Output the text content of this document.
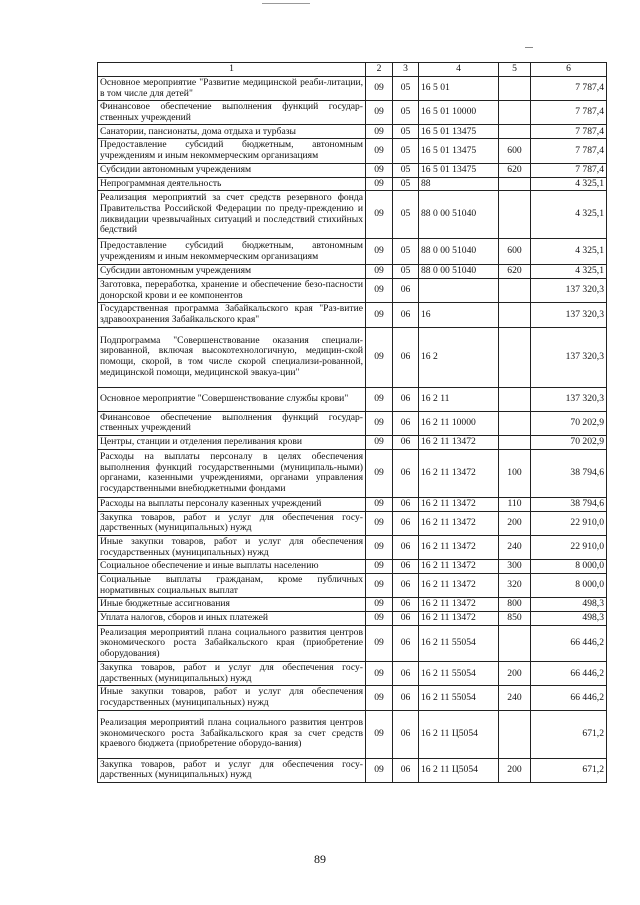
1	2	3	4	5	6
Основное мероприятие "Развитие медицинской реаби-литации, в том числе для детей"	09	05	16 5 01		7 787,4
Финансовое обеспечение выполнения функций государ-ственных учреждений	09	05	16 5 01 10000		7 787,4
Санатории, пансионаты, дома отдыха и турбазы	09	05	16 5 01 13475		7 787,4
Предоставление субсидий бюджетным, автономным учреждениям и иным некоммерческим организациям	09	05	16 5 01 13475	600	7 787,4
Субсидии автономным учреждениям	09	05	16 5 01 13475	620	7 787,4
Непрограммная деятельность	09	05	88		4 325,1
Реализация мероприятий за счет средств резервного фонда Правительства Российской Федерации по преду-преждению и ликвидации чрезвычайных ситуаций и последствий стихийных бедствий	09	05	88 0 00 51040		4 325,1
Предоставление субсидий бюджетным, автономным учреждениям и иным некоммерческим организациям	09	05	88 0 00 51040	600	4 325,1
Субсидии автономным учреждениям	09	05	88 0 00 51040	620	4 325,1
Заготовка, переработка, хранение и обеспечение безо-пасности донорской крови и ее компонентов	09	06			137 320,3
Государственная программа Забайкальского края "Раз-витие здравоохранения Забайкальского края"	09	06	16		137 320,3
Подпрограмма "Совершенствование оказания специали-зированной, включая высокотехнологичную, медицин-ской помощи, скорой, в том числе скорой специализи-рованной, медицинской помощи, медицинской эвакуа-ции"	09	06	16 2		137 320,3
Основное мероприятие "Совершенствование службы крови"	09	06	16 2 11		137 320,3
Финансовое обеспечение выполнения функций государ-ственных учреждений	09	06	16 2 11 10000		70 202,9
Центры, станции и отделения переливания крови	09	06	16 2 11 13472		70 202,9
Расходы на выплаты персоналу в целях обеспечения выполнения функций государственными (муниципаль-ными) органами, казенными учреждениями, органами управления государственными внебюджетными фондами	09	06	16 2 11 13472	100	38 794,6
Расходы на выплаты персоналу казенных учреждений	09	06	16 2 11 13472	110	38 794,6
Закупка товаров, работ и услуг для обеспечения госу-дарственных (муниципальных) нужд	09	06	16 2 11 13472	200	22 910,0
Иные закупки товаров, работ и услуг для обеспечения государственных (муниципальных) нужд	09	06	16 2 11 13472	240	22 910,0
Социальное обеспечение и иные выплаты населению	09	06	16 2 11 13472	300	8 000,0
Социальные выплаты гражданам, кроме публичных нормативных социальных выплат	09	06	16 2 11 13472	320	8 000,0
Иные бюджетные ассигнования	09	06	16 2 11 13472	800	498,3
Уплата налогов, сборов и иных платежей	09	06	16 2 11 13472	850	498,3
Реализация мероприятий плана социального развития центров экономического роста Забайкальского края (приобретение оборудования)	09	06	16 2 11 55054		66 446,2
Закупка товаров, работ и услуг для обеспечения госу-дарственных (муниципальных) нужд	09	06	16 2 11 55054	200	66 446,2
Иные закупки товаров, работ и услуг для обеспечения государственных (муниципальных) нужд	09	06	16 2 11 55054	240	66 446,2
Реализация мероприятий плана социального развития центров экономического роста Забайкальского края за счет средств краевого бюджета (приобретение оборудо-вания)	09	06	16 2 11 Ц5054		671,2
Закупка товаров, работ и услуг для обеспечения госу-дарственных (муниципальных) нужд	09	06	16 2 11 Ц5054	200	671,2
89
